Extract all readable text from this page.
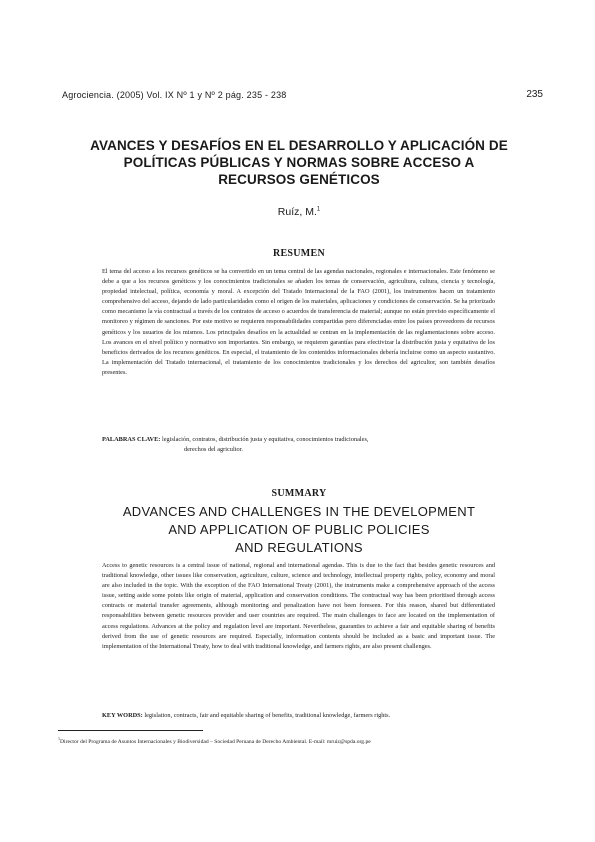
Agrociencia. (2005) Vol. IX Nº 1 y Nº 2 pág. 235 - 238	235
AVANCES Y DESAFÍOS EN EL DESARROLLO Y APLICACIÓN DE
POLÍTICAS PÚBLICAS Y NORMAS SOBRE ACCESO A
RECURSOS GENÉTICOS
Ruíz, M.$^1$
RESUMEN

El tema del acceso a los recursos genéticos se ha convertido en un tema central de las agendas nacionales, regionales e internacionales. Este fenómeno se debe a que a los recursos genéticos y los conocimientos tradicionales se añaden los temas de conservación, agricultura, cultura, ciencia y tecnología, propiedad intelectual, política, economía y moral. A excepción del Tratado Internacional de la FAO (2001), los instrumentos hacen un tratamiento comprehensivo del acceso, dejando de lado particularidades como el origen de los materiales, aplicaciones y condiciones de conservación. Se ha priorizado como mecanismo la vía contractual a través de los contratos de acceso o acuerdos de transferencia de material; aunque no están previsto específicamente el monitoreo y régimen de sanciones. Por este motivo se requieren responsabilidades compartidas pero diferenciadas entre los países proveedores de recursos genéticos y los usuarios de los mismos. Los principales desafíos en la actualidad se centran en la implementación de las reglamentaciones sobre acceso. Los avances en el nivel político y normativo son importantes. Sin embargo, se requieren garantías para efectivizar la distribución justa y equitativa de los beneficios derivados de los recursos genéticos. En especial, el tratamiento de los contenidos informacionales debería incluirse como un aspecto sustantivo. La implementación del Tratado internacional, el tratamiento de los conocimientos tradicionales y los derechos del agricultor, son también desafíos presentes.

PALABRAS CLAVE: legislación, contratos, distribución justa y equitativa, conocimientos tradicionales,
derechos del agricultor.
SUMMARY
ADVANCES AND CHALLENGES IN THE DEVELOPMENT
AND APPLICATION OF PUBLIC POLICIES
AND REGULATIONS

Access to genetic resources is a central issue of national, regional and international agendas. This is due to the fact that besides genetic resources and traditional knowledge, other issues like conservation, agriculture, culture, science and technology, intellectual property rights, policy, economy and moral are also included in the topic. With the exception of the FAO International Treaty (2001), the instruments make a comprehensive approach of the access issue, setting aside some points like origin of material, application and conservation conditions. The contractual way has been prioritised through access contracts or material transfer agreements, although monitoring and penalization have not been foreseen. For this reason, shared but differentiated responsabilities between genetic resources provider and user countries are required. The main challenges to face are located on the implementation of access regulations. Advances at the policy and regulation level are important. Nevertheless, guaranties to achieve a fair and equitable sharing of benefits derived from the use of genetic resources are required. Especially, information contents should be included as a basic and important issue. The implementation of the International Treaty, how to deal with traditional knowledge, and farmers rights, are also present challenges.

KEY WORDS: legislation, contracts, fair and equitable sharing of benefits, traditional knowledge, farmers rights.
$^1$Director del Programa de Asuntos Internacionales y Biodiversidad – Sociedad Peruana de Derecho Ambiental. E-mail: mruiz@spda.org.pe
